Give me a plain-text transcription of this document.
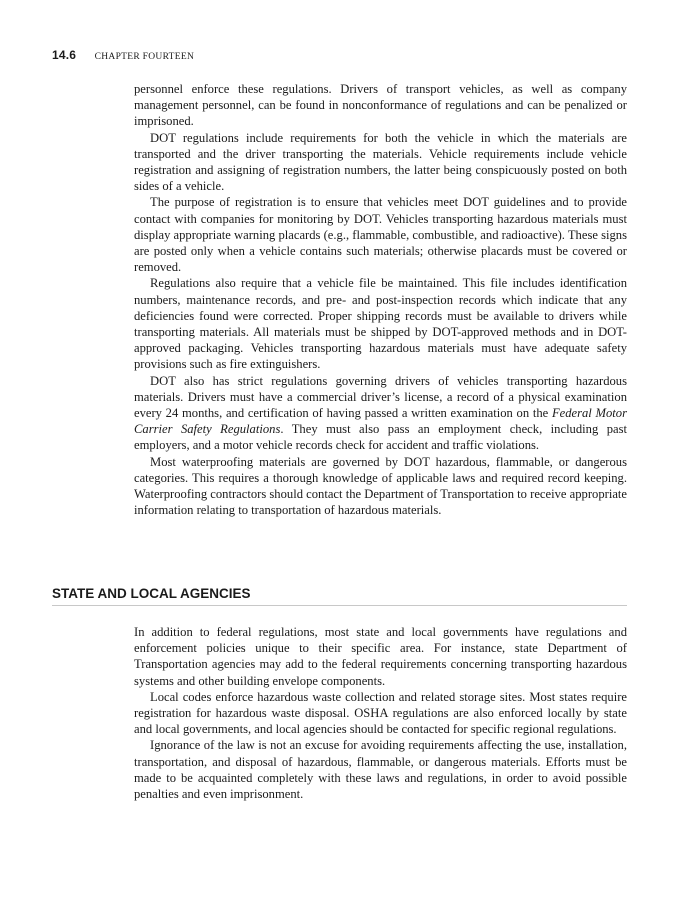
14.6 CHAPTER FOURTEEN

personnel enforce these regulations. Drivers of transport vehicles, as well as company management personnel, can be found in nonconformance of regulations and can be penalized or imprisoned.

DOT regulations include requirements for both the vehicle in which the materials are transported and the driver transporting the materials. Vehicle requirements include vehicle registration and assigning of registration numbers, the latter being conspicuously posted on both sides of a vehicle.

The purpose of registration is to ensure that vehicles meet DOT guidelines and to provide contact with companies for monitoring by DOT. Vehicles transporting hazardous materials must display appropriate warning placards (e.g., flammable, combustible, and radioactive). These signs are posted only when a vehicle contains such materials; otherwise placards must be covered or removed.

Regulations also require that a vehicle file be maintained. This file includes identification numbers, maintenance records, and pre- and post-inspection records which indicate that any deficiencies found were corrected. Proper shipping records must be available to drivers while transporting materials. All materials must be shipped by DOT-approved methods and in DOT-approved packaging. Vehicles transporting hazardous materials must have adequate safety provisions such as fire extinguishers.

DOT also has strict regulations governing drivers of vehicles transporting hazardous materials. Drivers must have a commercial driver’s license, a record of a physical examination every 24 months, and certification of having passed a written examination on the Federal Motor Carrier Safety Regulations. They must also pass an employment check, including past employers, and a motor vehicle records check for accident and traffic violations.

Most waterproofing materials are governed by DOT hazardous, flammable, or dangerous categories. This requires a thorough knowledge of applicable laws and required record keeping. Waterproofing contractors should contact the Department of Transportation to receive appropriate information relating to transportation of hazardous materials.

STATE AND LOCAL AGENCIES

In addition to federal regulations, most state and local governments have regulations and enforcement policies unique to their specific area. For instance, state Department of Transportation agencies may add to the federal requirements concerning transporting hazardous systems and other building envelope components.

Local codes enforce hazardous waste collection and related storage sites. Most states require registration for hazardous waste disposal. OSHA regulations are also enforced locally by state and local governments, and local agencies should be contacted for specific regional regulations.

Ignorance of the law is not an excuse for avoiding requirements affecting the use, installation, transportation, and disposal of hazardous, flammable, or dangerous materials. Efforts must be made to be acquainted completely with these laws and regulations, in order to avoid possible penalties and even imprisonment.
